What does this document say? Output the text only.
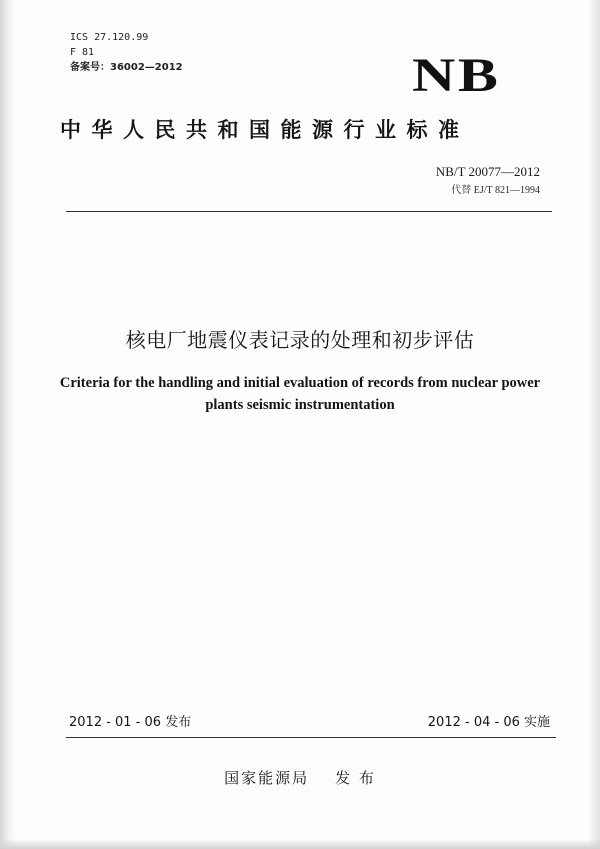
ICS 27.120.99
F 81
备案号：36002—2012	NB
中华人民共和国能源行业标准
NB/T 20077—2012
代替 EJ/T 821—1994
核电厂地震仪表记录的处理和初步评估
Criteria for the handling and initial evaluation of records from nuclear power
plants seismic instrumentation
2012 - 01 - 06 发布	2012 - 04 - 06 实施
国家能源局 发 布
